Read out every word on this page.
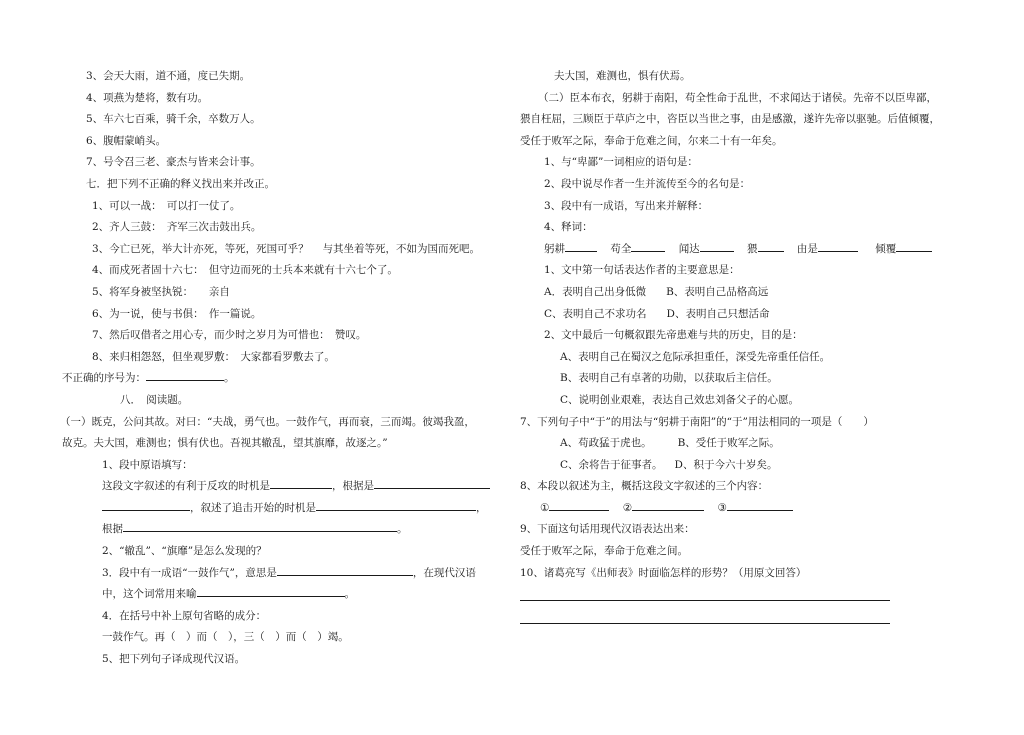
3、会天大雨，道不通，度已失期。
4、项燕为楚将，数有功。
5、车六七百乘，骑千余，卒数万人。
6、腹帽蒙峭头。
7、号令召三老、豪杰与皆来会计事。
七．把下列不正确的释义找出来并改正。
1、可以一战：　可以打一仗了。
2、齐人三鼓：　齐军三次击鼓出兵。
3、今亡已死，举大计亦死，等死，死国可乎？　 与其坐着等死，不如为国而死吧。
4、而戍死者固十六七：　但守边而死的士兵本来就有十六七个了。
5、将军身被坚执锐：　　亲自
6、为一说，使与书俱：　作一篇说。
7、然后叹借者之用心专，而少时之岁月为可惜也：　赞叹。
8、来归相怨怒，但坐观罗敷：　大家都看罗敷去了。
不正确的序号为：	。
八．　阅读题。
（一）既克，公问其故。对曰：“夫战，勇气也。一鼓作气，再而衰，三而竭。彼竭我盈，
故克。夫大国，难测也；惧有伏也。吾视其辙乱，望其旗靡，故逐之。”
1、段中原语填写：
这段文字叙述的有利于反攻的时机是	，根据是
，叙述了追击开始的时机是	，
根据	。
2、“辙乱”、“旗靡”是怎么发现的？
3．段中有一成语“一鼓作气”，意思是	，在现代汉语
中，这个词常用来喻	。
4．在括号中补上原句省略的成分：
一鼓作气。再（　）而（　），三（　）而（　）竭。
5、把下列句子译成现代汉语。
夫大国，难测也，惧有伏焉。
（二）臣本布衣，躬耕于南阳，苟全性命于乱世，不求闻达于诸侯。先帝不以臣卑鄙，
猥自枉屈，三顾臣于草庐之中，咨臣以当世之事，由是感激，遂许先帝以驱驰。后值倾覆，
受任于败军之际，奉命于危难之间，尔来二十有一年矣。
1、与“卑鄙”一词相应的语句是：
2、段中说尽作者一生并流传至今的名句是：
3、段中有一成语，写出来并解释：
4、释词：
躬耕	苟全	闻达	猥	由是	倾覆
1、文中第一句话表达作者的主要意思是：
A．表明自己出身低微 B、表明自己品格高远
C、表明自己不求功名 D、表明自己只想活命
2、文中最后一句概叙跟先帝患难与共的历史，目的是：
A、表明自己在蜀汉之危际承担重任，深受先帝重任信任。
B、表明自己有卓著的功勋，以获取后主信任。
C、说明创业艰难，表达自己效忠刘备父子的心愿。
7、下列句子中“于”的用法与“躬耕于南阳”的“于”用法相同的一项是（　　）
A、苟政猛于虎也。 B、受任于败军之际。
C、余将告于征事者。 D、积于今六十岁矣。
8、本段以叙述为主，概括这段文字叙述的三个内容：
①	②	③
9、下面这句话用现代汉语表达出来：
受任于败军之际，奉命于危难之间。
10、诸葛亮写《出师表》时面临怎样的形势？（用原文回答）
